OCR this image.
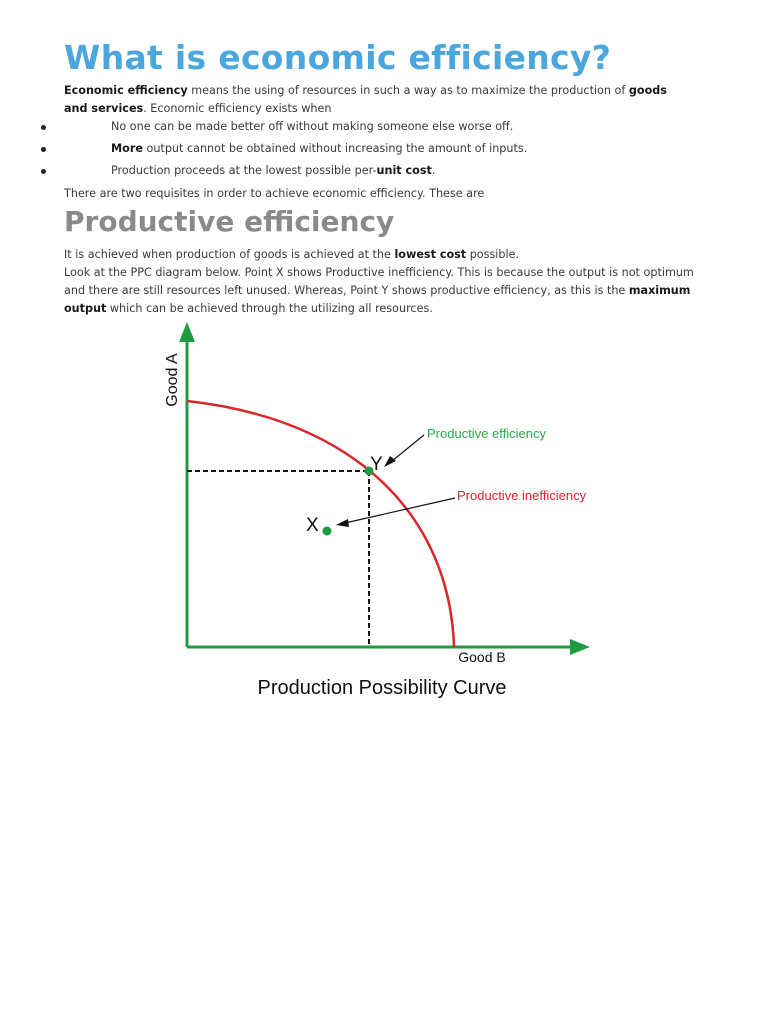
What is economic efficiency?

Economic efficiency means the using of resources in such a way as to maximize the production of goods and services. Economic efficiency exists when

No one can be made better off without making someone else worse off.
More output cannot be obtained without increasing the amount of inputs.
Production proceeds at the lowest possible per-unit cost.

There are two requisites in order to achieve economic efficiency. These are

Productive efficiency

It is achieved when production of goods is achieved at the lowest cost possible.

Look at the PPC diagram below. Point X shows Productive inefficiency. This is because the output is not optimum and there are still resources left unused. Whereas, Point Y shows productive efficiency, as this is the maximum output which can be achieved through the utilizing all resources.

Good A
Good B
Y
X
Productive efficiency
Productive inefficiency
Production Possibility Curve
